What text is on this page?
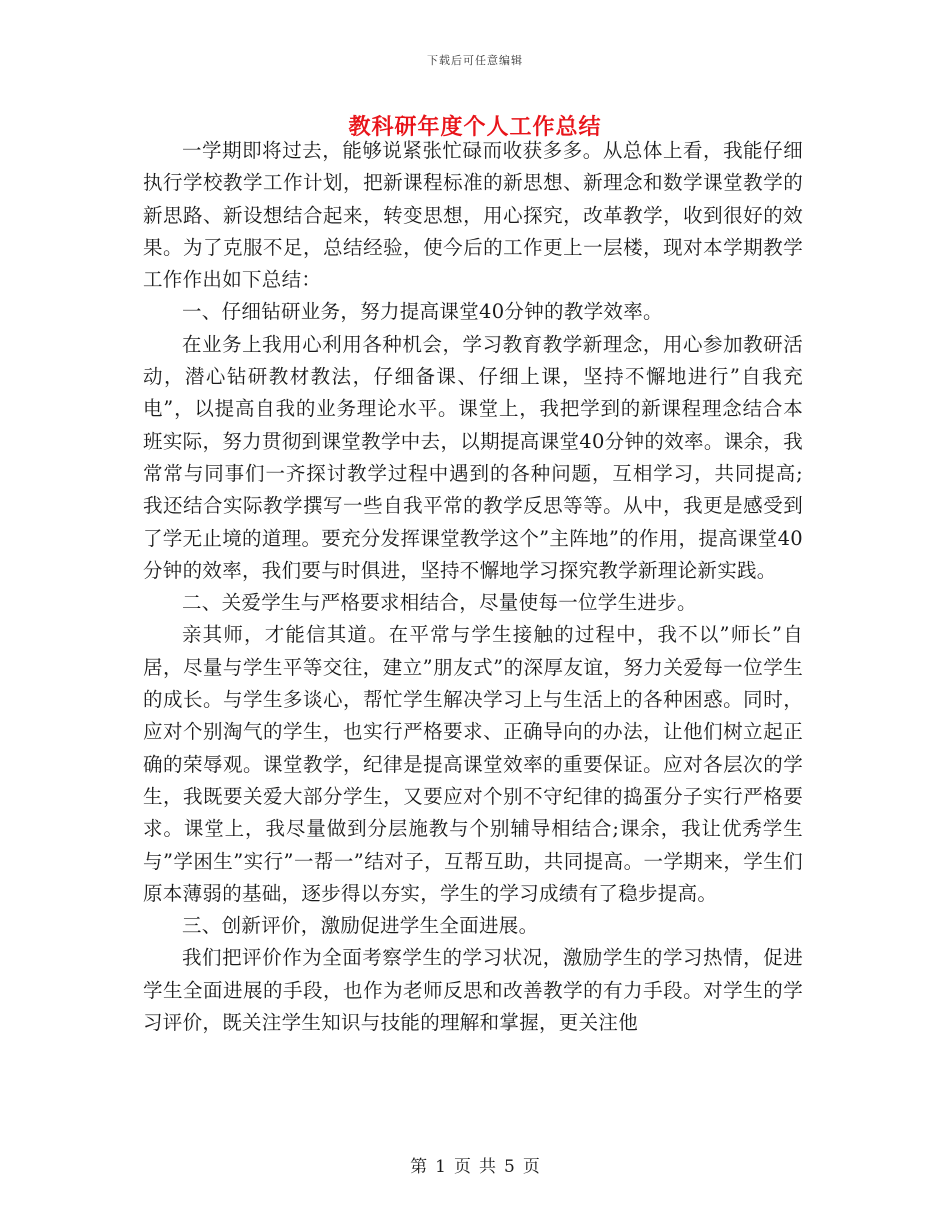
下载后可任意编辑
教科研年度个人工作总结

一学期即将过去，能够说紧张忙碌而收获多多。从总体上看，我能仔细执行学校教学工作计划，把新课程标准的新思想、新理念和数学课堂教学的新思路、新设想结合起来，转变思想，用心探究，改革教学，收到很好的效果。为了克服不足，总结经验，使今后的工作更上一层楼，现对本学期教学工作作出如下总结：

一、仔细钻研业务，努力提高课堂40分钟的教学效率。

在业务上我用心利用各种机会，学习教育教学新理念，用心参加教研活动，潜心钻研教材教法，仔细备课、仔细上课，坚持不懈地进行”自我充电”，以提高自我的业务理论水平。课堂上，我把学到的新课程理念结合本班实际，努力贯彻到课堂教学中去，以期提高课堂40分钟的效率。课余，我常常与同事们一齐探讨教学过程中遇到的各种问题，互相学习，共同提高;我还结合实际教学撰写一些自我平常的教学反思等等。从中，我更是感受到了学无止境的道理。要充分发挥课堂教学这个”主阵地”的作用，提高课堂40分钟的效率，我们要与时俱进，坚持不懈地学习探究教学新理论新实践。

二、关爱学生与严格要求相结合，尽量使每一位学生进步。

亲其师，才能信其道。在平常与学生接触的过程中，我不以”师长”自居，尽量与学生平等交往，建立”朋友式”的深厚友谊，努力关爱每一位学生的成长。与学生多谈心，帮忙学生解决学习上与生活上的各种困惑。同时，应对个别淘气的学生，也实行严格要求、正确导向的办法，让他们树立起正确的荣辱观。课堂教学，纪律是提高课堂效率的重要保证。应对各层次的学生，我既要关爱大部分学生，又要应对个别不守纪律的捣蛋分子实行严格要求。课堂上，我尽量做到分层施教与个别辅导相结合;课余，我让优秀学生与”学困生”实行”一帮一”结对子，互帮互助，共同提高。一学期来，学生们原本薄弱的基础，逐步得以夯实，学生的学习成绩有了稳步提高。

三、创新评价，激励促进学生全面进展。

我们把评价作为全面考察学生的学习状况，激励学生的学习热情，促进学生全面进展的手段，也作为老师反思和改善教学的有力手段。对学生的学习评价，既关注学生知识与技能的理解和掌握，更关注他

第 1 页 共 5 页
